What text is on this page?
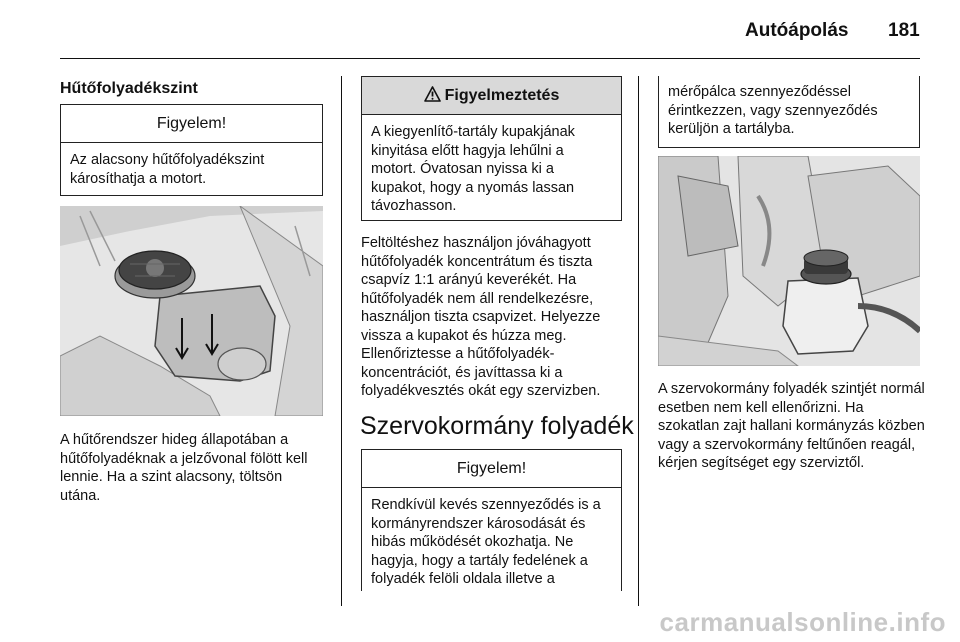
Autóápolás 181
Hűtőfolyadékszint
Figyelem!
Az alacsony hűtőfolyadékszint károsíthatja a motort.
A hűtőrendszer hideg állapotában a hűtőfolyadéknak a jelzővonal fölött kell lennie. Ha a szint alacsony, töltsön utána.
Figyelmeztetés
A kiegyenlítő-tartály kupakjának kinyitása előtt hagyja lehűlni a motort. Óvatosan nyissa ki a kupakot, hogy a nyomás lassan távozhasson.
Feltöltéshez használjon jóváhagyott hűtőfolyadék koncentrátum és tiszta csapvíz 1:1 arányú keverékét. Ha hűtőfolyadék nem áll rendelkezésre, használjon tiszta csapvizet. Helyezze vissza a kupakot és húzza meg. Ellenőriztesse a hűtőfolyadék-koncentrációt, és javíttassa ki a folyadékvesztés okát egy szervizben.
Szervokormány folyadék
Figyelem!
Rendkívül kevés szennyeződés is a kormányrendszer károsodását és hibás működését okozhatja. Ne hagyja, hogy a tartály fedelének a folyadék felöli oldala illetve a
mérőpálca szennyeződéssel érintkezzen, vagy szennyeződés kerüljön a tartályba.
A szervokormány folyadék szintjét normál esetben nem kell ellenőrizni. Ha szokatlan zajt hallani kormányzás közben vagy a szervokormány feltűnően reagál, kérjen segítséget egy szerviztől.
carmanualsonline.info
